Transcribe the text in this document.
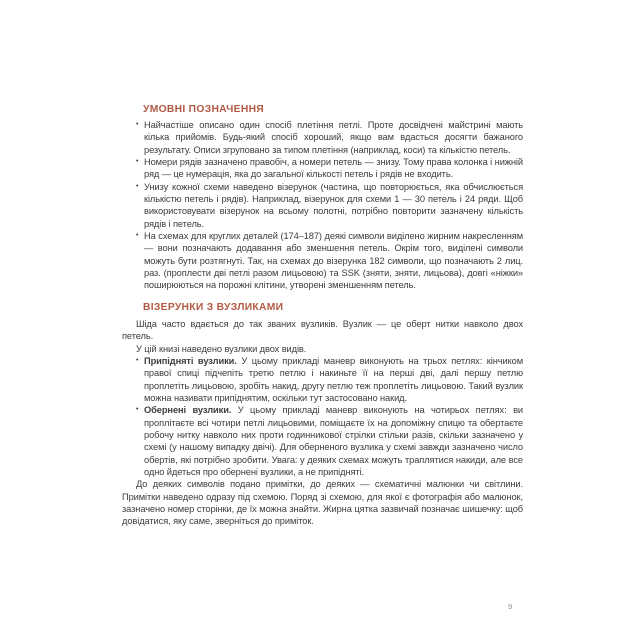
УМОВНІ ПОЗНАЧЕННЯ
• Найчастіше описано один спосіб плетіння петлі. Проте досвідчені майстрині мають кілька прийомів. Будь-який спосіб хороший, якщо вам вдасться досягти бажаного результату. Описи згруповано за типом плетіння (наприклад, коси) та кількістю петель.
• Номери рядів зазначено правобіч, а номери петель — знизу. Тому права колонка і нижній ряд — це нумерація, яка до загальної кількості петель і рядів не входить.
• Унизу кожної схеми наведено візерунок (частина, що повторюється, яка обчислюється кількістю петель і рядів). Наприклад, візерунок для схеми 1 — 30 петель і 24 ряди. Щоб використовувати візерунок на всьому полотні, потрібно повторити зазначену кількість рядів і петель.
• На схемах для круглих деталей (174–187) деякі символи виділено жирним накресленням — вони позначають додавання або зменшення петель. Окрім того, виділені символи можуть бути розтягнуті. Так, на схемах до візерунка 182 символи, що позначають 2 лиц. раз. (проплести дві петлі разом лицьовою) та SSK (зняти, зняти, лицьова), довгі «ніжки» поширюються на порожні клітини, утворені зменшенням петель.
ВІЗЕРУНКИ З ВУЗЛИКАМИ

Шіда часто вдається до так званих вузликів. Вузлик — це оберт нитки навколо двох петель.

У цій книзі наведено вузлики двох видів.

• Припідняті вузлики. У цьому прикладі маневр виконують на трьох петлях: кінчиком правої спиці підчепіть третю петлю і накиньте її на перші дві, далі першу петлю проплетіть лицьовою, зробіть накид, другу петлю теж проплетіть лицьовою. Такий вузлик можна називати припіднятим, оскільки тут застосовано накид.
• Обернені вузлики. У цьому прикладі маневр виконують на чотирьох петлях: ви проплітаєте всі чотири петлі лицьовими, поміщаєте їх на допоміжну спицю та обертаєте робочу нитку навколо них проти годинникової стрілки стільки разів, скільки зазначено у схемі (у нашому випадку двічі). Для оберненого вузлика у схемі завжди зазначено число обертів, які потрібно зробити. Увага: у деяких схемах можуть траплятися накиди, але все одно йдеться про обернені вузлики, а не припідняті.

До деяких символів подано примітки, до деяких — схематичні малюнки чи світлини. Примітки наведено одразу під схемою. Поряд зі схемою, для якої є фотографія або малюнок, зазначено номер сторінки, де їх можна знайти. Жирна цятка зазвичай позначає шишечку: щоб довідатися, яку саме, зверніться до приміток.

9
